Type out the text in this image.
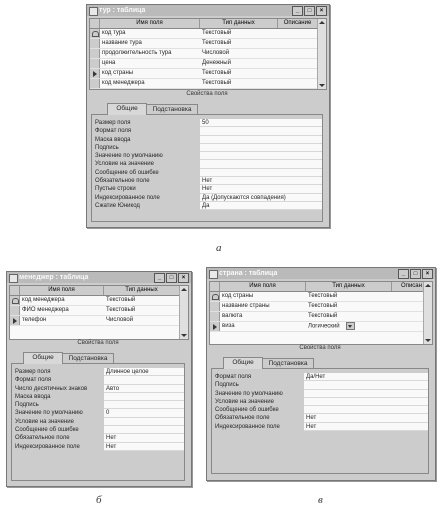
тур : таблица	_	□	×
Имя поля	Тип данных	Описание
код тура	Текстовый
название тура	Текстовый
продолжительность тура	Числовой
цена	Денежный
код страны	Текстовый
код менеджера	Текстовый
Свойства поля
Общие	Подстановка
Размер поля	50
Формат поля
Маска ввода
Подпись
Значение по умолчанию
Условие на значение
Сообщение об ошибке
Обязательное поле	Нет
Пустые строки	Нет
Индексированное поле	Да (Допускаются совпадения)
Сжатие Юникод	Да
а
менеджер : таблица	_	□	×
Имя поля	Тип данных
код менеджера	Текстовый
ФИО менеджера	Текстовый
телефон	Числовой
Свойства поля
Общие	Подстановка
Размер поля	Длинное целое
Формат поля
Число десятичных знаков	Авто
Маска ввода
Подпись
Значение по умолчанию	0
Условие на значение
Сообщение об ошибке
Обязательное поле	Нет
Индексированное поле	Нет
б
страна : таблица	_	□	×
Имя поля	Тип данных	Описан
код страны	Текстовый
название страны	Текстовый
валюта	Текстовый
виза	Логический
Свойства поля
Общие	Подстановка
Формат поля	Да/Нет
Подпись
Значение по умолчанию
Условие на значение
Сообщение об ошибке
Обязательное поле	Нет
Индексированное поле	Нет
в
